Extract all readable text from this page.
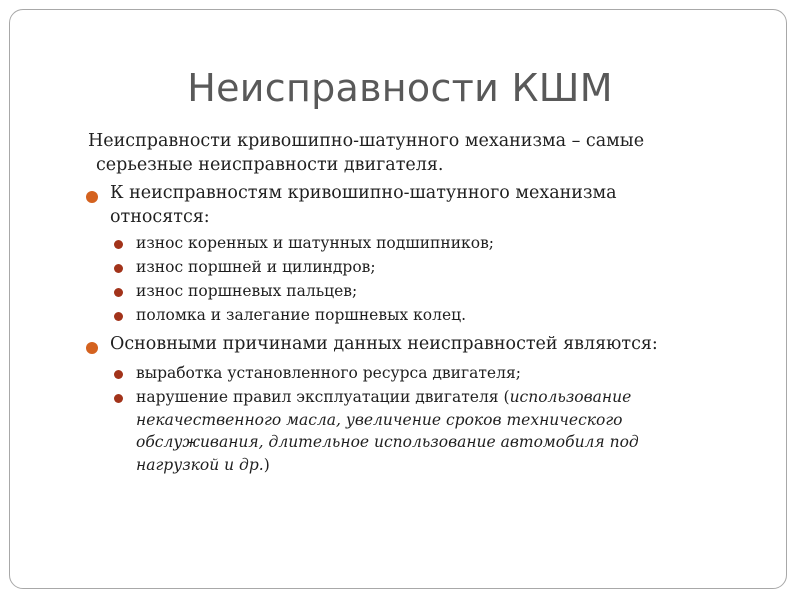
Неисправности КШМ
Неисправности кривошипно-шатунного механизма – самые
серьезные неисправности двигателя.
К неисправностям кривошипно-шатунного механизма
относятся:
износ коренных и шатунных подшипников;
износ поршней и цилиндров;
износ поршневых пальцев;
поломка и залегание поршневых колец.
Основными причинами данных неисправностей являются:
выработка установленного ресурса двигателя;
нарушение правил эксплуатации двигателя (использование
некачественного масла, увеличение сроков технического
обслуживания, длительное использование автомобиля под
нагрузкой и др.)
